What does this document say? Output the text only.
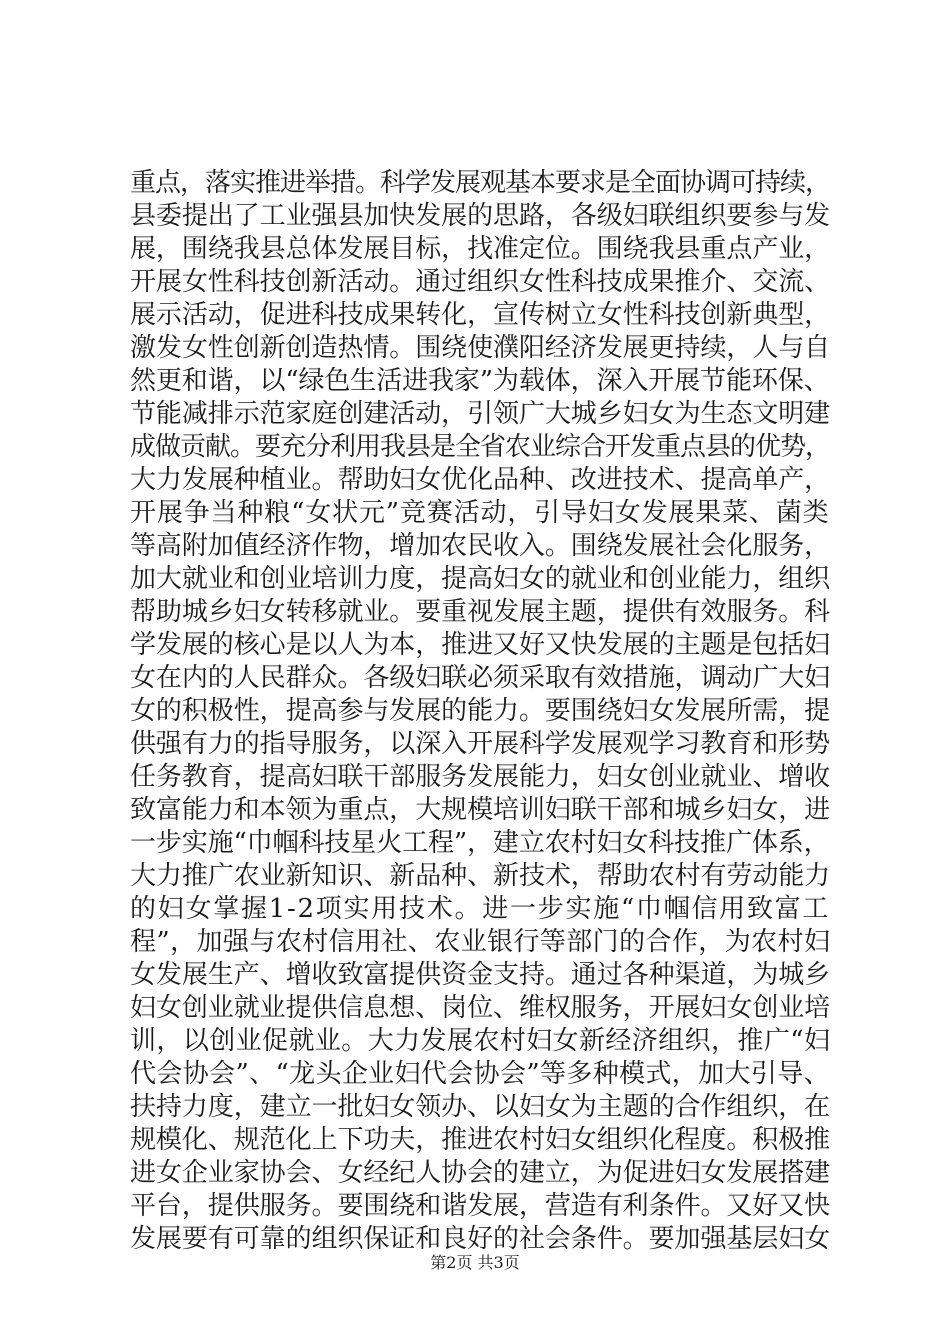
重点，落实推进举措。科学发展观基本要求是全面协调可持续，
县委提出了工业强县加快发展的思路，各级妇联组织要参与发
展，围绕我县总体发展目标，找准定位。围绕我县重点产业，
开展女性科技创新活动。通过组织女性科技成果推介、交流、
展示活动，促进科技成果转化，宣传树立女性科技创新典型，
激发女性创新创造热情。围绕使濮阳经济发展更持续，人与自
然更和谐，以“绿色生活进我家”为载体，深入开展节能环保、
节能减排示范家庭创建活动，引领广大城乡妇女为生态文明建
成做贡献。要充分利用我县是全省农业综合开发重点县的优势，
大力发展种植业。帮助妇女优化品种、改进技术、提高单产，
开展争当种粮“女状元”竞赛活动，引导妇女发展果菜、菌类
等高附加值经济作物，增加农民收入。围绕发展社会化服务，
加大就业和创业培训力度，提高妇女的就业和创业能力，组织
帮助城乡妇女转移就业。要重视发展主题，提供有效服务。科
学发展的核心是以人为本，推进又好又快发展的主题是包括妇
女在内的人民群众。各级妇联必须采取有效措施，调动广大妇
女的积极性，提高参与发展的能力。要围绕妇女发展所需，提
供强有力的指导服务，以深入开展科学发展观学习教育和形势
任务教育，提高妇联干部服务发展能力，妇女创业就业、增收
致富能力和本领为重点，大规模培训妇联干部和城乡妇女，进
一步实施“巾帼科技星火工程”，建立农村妇女科技推广体系，
大力推广农业新知识、新品种、新技术，帮助农村有劳动能力
的妇女掌握1-2项实用技术。进一步实施“巾帼信用致富工
程”，加强与农村信用社、农业银行等部门的合作，为农村妇
女发展生产、增收致富提供资金支持。通过各种渠道，为城乡
妇女创业就业提供信息想、岗位、维权服务，开展妇女创业培
训，以创业促就业。大力发展农村妇女新经济组织，推广“妇
代会协会”、“龙头企业妇代会协会”等多种模式，加大引导、
扶持力度，建立一批妇女领办、以妇女为主题的合作组织，在
规模化、规范化上下功夫，推进农村妇女组织化程度。积极推
进女企业家协会、女经纪人协会的建立，为促进妇女发展搭建
平台，提供服务。要围绕和谐发展，营造有利条件。又好又快
发展要有可靠的组织保证和良好的社会条件。要加强基层妇女
第2页 共3页
